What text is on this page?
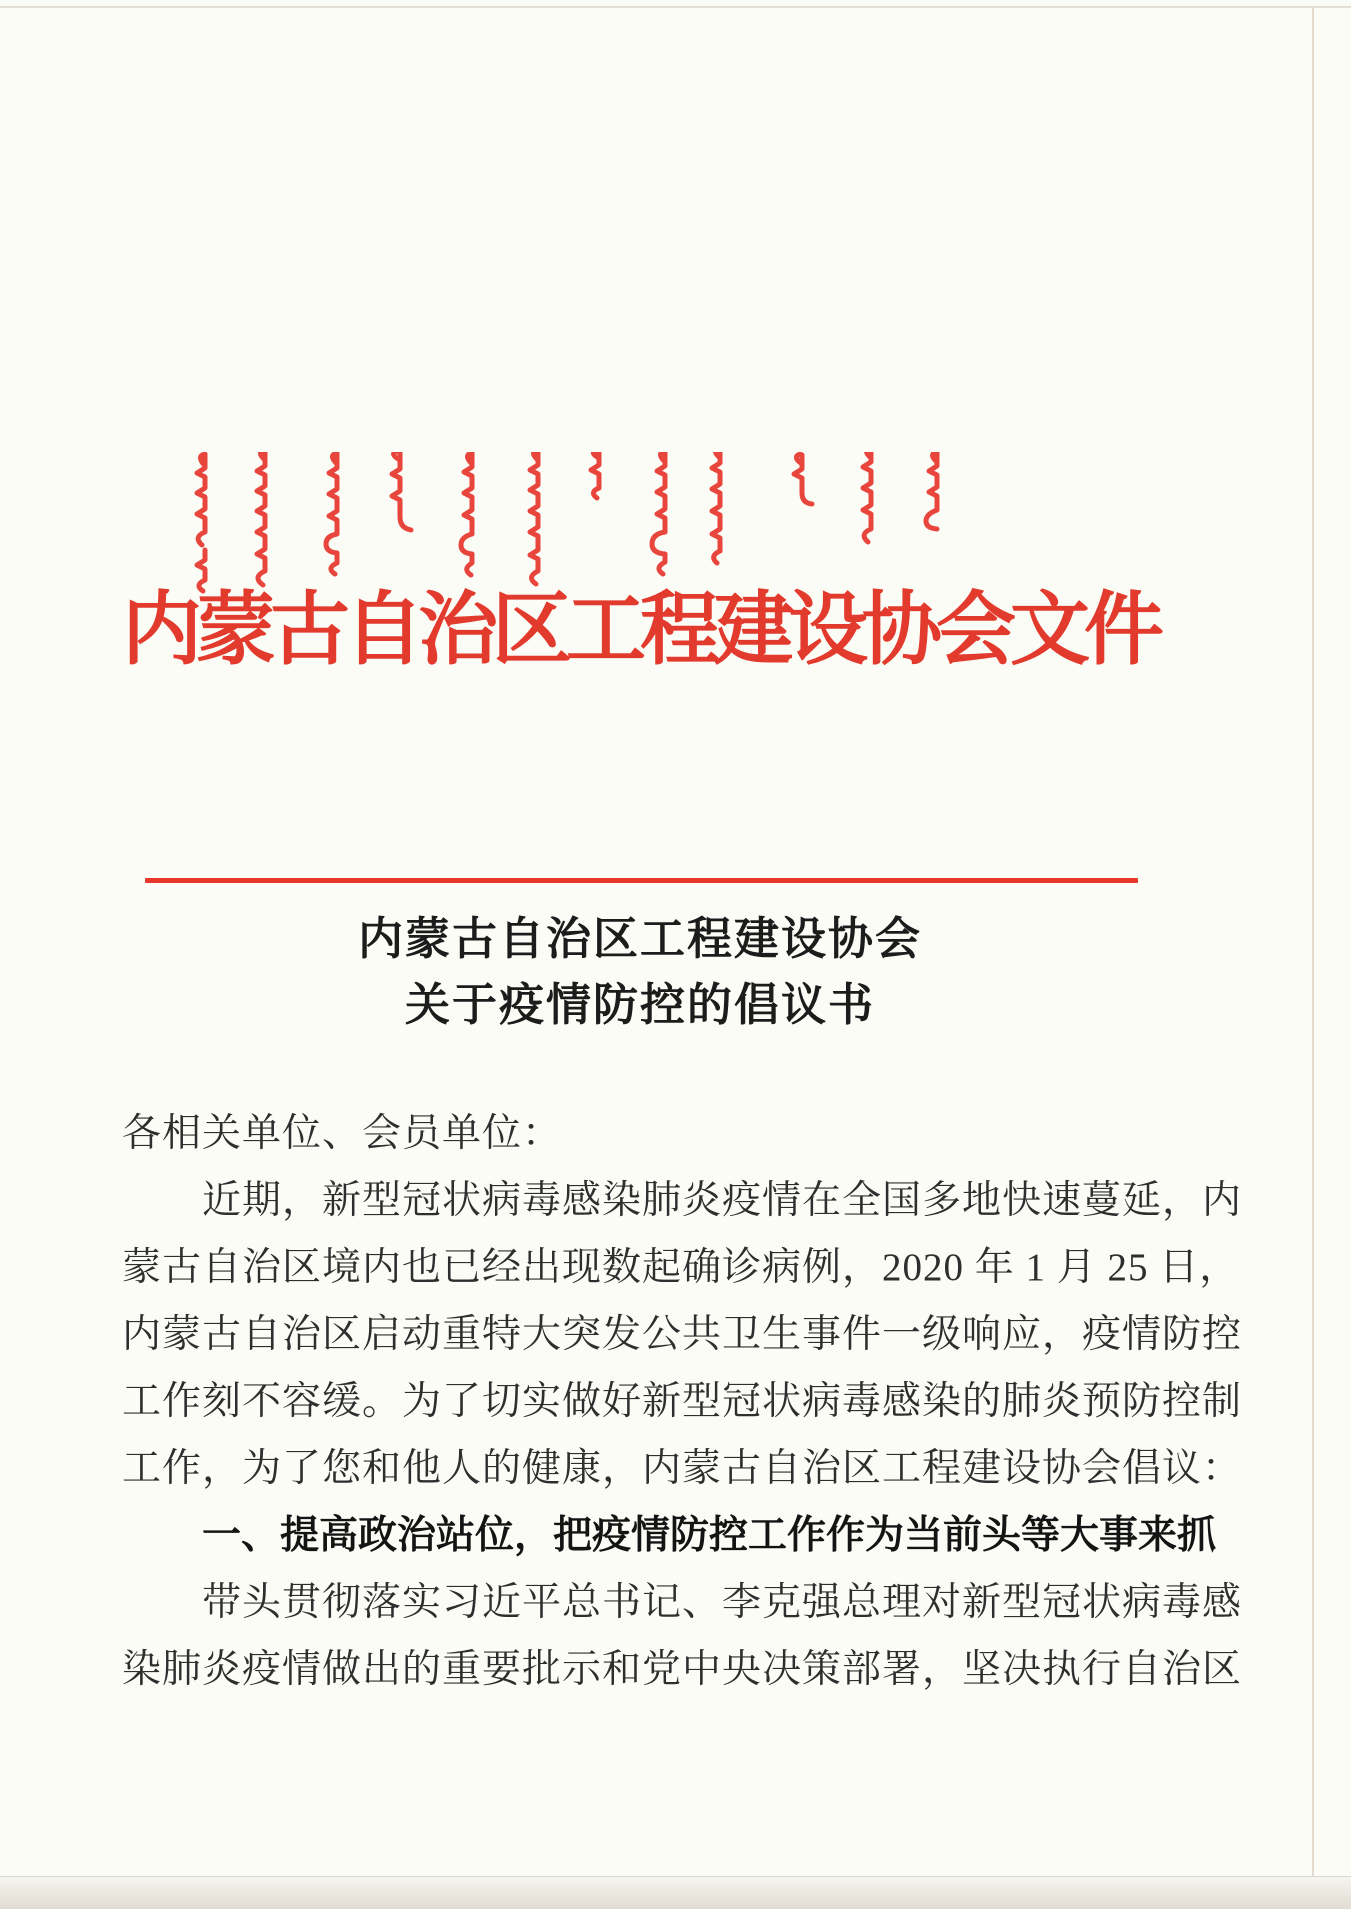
内蒙古自治区工程建设协会文件
内蒙古自治区工程建设协会
关于疫情防控的倡议书
各相关单位、会员单位：
近期，新型冠状病毒感染肺炎疫情在全国多地快速蔓延，内
蒙古自治区境内也已经出现数起确诊病例，2020 年 1 月 25 日，
内蒙古自治区启动重特大突发公共卫生事件一级响应，疫情防控
工作刻不容缓。为了切实做好新型冠状病毒感染的肺炎预防控制
工作，为了您和他人的健康，内蒙古自治区工程建设协会倡议：
一、提高政治站位，把疫情防控工作作为当前头等大事来抓
带头贯彻落实习近平总书记、李克强总理对新型冠状病毒感
染肺炎疫情做出的重要批示和党中央决策部署，坚决执行自治区
